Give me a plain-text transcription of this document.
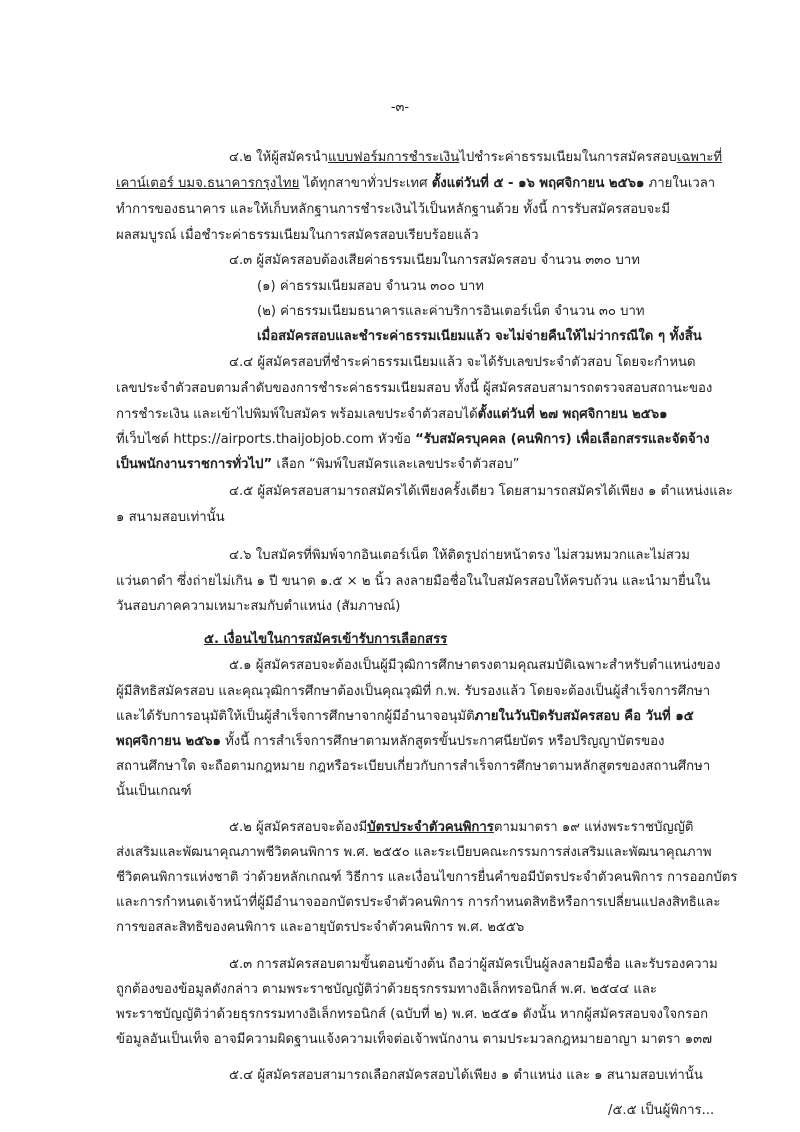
-๓-
๔.๒ ให้ผู้สมัครนำแบบฟอร์มการชำระเงินไปชำระค่าธรรมเนียมในการสมัครสอบเฉพาะที่
เคาน์เตอร์ บมจ.ธนาคารกรุงไทย ได้ทุกสาขาทั่วประเทศ ตั้งแต่วันที่ ๕ - ๑๖ พฤศจิกายน ๒๕๖๑ ภายในเวลา
ทำการของธนาคาร และให้เก็บหลักฐานการชำระเงินไว้เป็นหลักฐานด้วย ทั้งนี้ การรับสมัครสอบจะมี
ผลสมบูรณ์ เมื่อชำระค่าธรรมเนียมในการสมัครสอบเรียบร้อยแล้ว
๔.๓ ผู้สมัครสอบต้องเสียค่าธรรมเนียมในการสมัครสอบ จำนวน ๓๓๐ บาท
(๑) ค่าธรรมเนียมสอบ จำนวน ๓๐๐ บาท
(๒) ค่าธรรมเนียมธนาคารและค่าบริการอินเตอร์เน็ต จำนวน ๓๐ บาท
เมื่อสมัครสอบและชำระค่าธรรมเนียมแล้ว จะไม่จ่ายคืนให้ไม่ว่ากรณีใด ๆ ทั้งสิ้น
๔.๔ ผู้สมัครสอบที่ชำระค่าธรรมเนียมแล้ว จะได้รับเลขประจำตัวสอบ โดยจะกำหนด
เลขประจำตัวสอบตามลำดับของการชำระค่าธรรมเนียมสอบ ทั้งนี้ ผู้สมัครสอบสามารถตรวจสอบสถานะของ
การชำระเงิน และเข้าไปพิมพ์ใบสมัคร พร้อมเลขประจำตัวสอบได้ตั้งแต่วันที่ ๒๗ พฤศจิกายน ๒๕๖๑
ที่เว็บไซต์ https://airports.thaijobjob.com หัวข้อ “รับสมัครบุคคล (คนพิการ) เพื่อเลือกสรรและจัดจ้าง
เป็นพนักงานราชการทั่วไป” เลือก “พิมพ์ใบสมัครและเลขประจำตัวสอบ”
๔.๕ ผู้สมัครสอบสามารถสมัครได้เพียงครั้งเดียว โดยสามารถสมัครได้เพียง ๑ ตำแหน่งและ
๑ สนามสอบเท่านั้น
๔.๖ ใบสมัครที่พิมพ์จากอินเตอร์เน็ต ให้ติดรูปถ่ายหน้าตรง ไม่สวมหมวกและไม่สวม
แว่นตาดำ ซึ่งถ่ายไม่เกิน ๑ ปี ขนาด ๑.๕ × ๒ นิ้ว ลงลายมือชื่อในใบสมัครสอบให้ครบถ้วน และนำมายื่นใน
วันสอบภาคความเหมาะสมกับตำแหน่ง (สัมภาษณ์)
๕. เงื่อนไขในการสมัครเข้ารับการเลือกสรร
๕.๑ ผู้สมัครสอบจะต้องเป็นผู้มีวุฒิการศึกษาตรงตามคุณสมบัติเฉพาะสำหรับตำแหน่งของ
ผู้มีสิทธิสมัครสอบ และคุณวุฒิการศึกษาต้องเป็นคุณวุฒิที่ ก.พ. รับรองแล้ว โดยจะต้องเป็นผู้สำเร็จการศึกษา
และได้รับการอนุมัติให้เป็นผู้สำเร็จการศึกษาจากผู้มีอำนาจอนุมัติภายในวันปิดรับสมัครสอบ คือ วันที่ ๑๕
พฤศจิกายน ๒๕๖๑ ทั้งนี้ การสำเร็จการศึกษาตามหลักสูตรขั้นประกาศนียบัตร หรือปริญญาบัตรของ
สถานศึกษาใด จะถือตามกฎหมาย กฎหรือระเบียบเกี่ยวกับการสำเร็จการศึกษาตามหลักสูตรของสถานศึกษา
นั้นเป็นเกณฑ์
๕.๒ ผู้สมัครสอบจะต้องมีบัตรประจำตัวคนพิการตามมาตรา ๑๙ แห่งพระราชบัญญัติ
ส่งเสริมและพัฒนาคุณภาพชีวิตคนพิการ พ.ศ. ๒๕๕๐ และระเบียบคณะกรรมการส่งเสริมและพัฒนาคุณภาพ
ชีวิตคนพิการแห่งชาติ ว่าด้วยหลักเกณฑ์ วิธีการ และเงื่อนไขการยื่นคำขอมีบัตรประจำตัวคนพิการ การออกบัตร
และการกำหนดเจ้าหน้าที่ผู้มีอำนาจออกบัตรประจำตัวคนพิการ การกำหนดสิทธิหรือการเปลี่ยนแปลงสิทธิและ
การขอสละสิทธิของคนพิการ และอายุบัตรประจำตัวคนพิการ พ.ศ. ๒๕๕๖
๕.๓ การสมัครสอบตามขั้นตอนข้างต้น ถือว่าผู้สมัครเป็นผู้ลงลายมือชื่อ และรับรองความ
ถูกต้องของข้อมูลดังกล่าว ตามพระราชบัญญัติว่าด้วยธุรกรรมทางอิเล็กทรอนิกส์ พ.ศ. ๒๕๔๔ และ
พระราชบัญญัติว่าด้วยธุรกรรมทางอิเล็กทรอนิกส์ (ฉบับที่ ๒) พ.ศ. ๒๕๕๑ ดังนั้น หากผู้สมัครสอบจงใจกรอก
ข้อมูลอันเป็นเท็จ อาจมีความผิดฐานแจ้งความเท็จต่อเจ้าพนักงาน ตามประมวลกฎหมายอาญา มาตรา ๑๓๗
๕.๔ ผู้สมัครสอบสามารถเลือกสมัครสอบได้เพียง ๑ ตำแหน่ง และ ๑ สนามสอบเท่านั้น
/๕.๕ เป็นผู้พิการ...
